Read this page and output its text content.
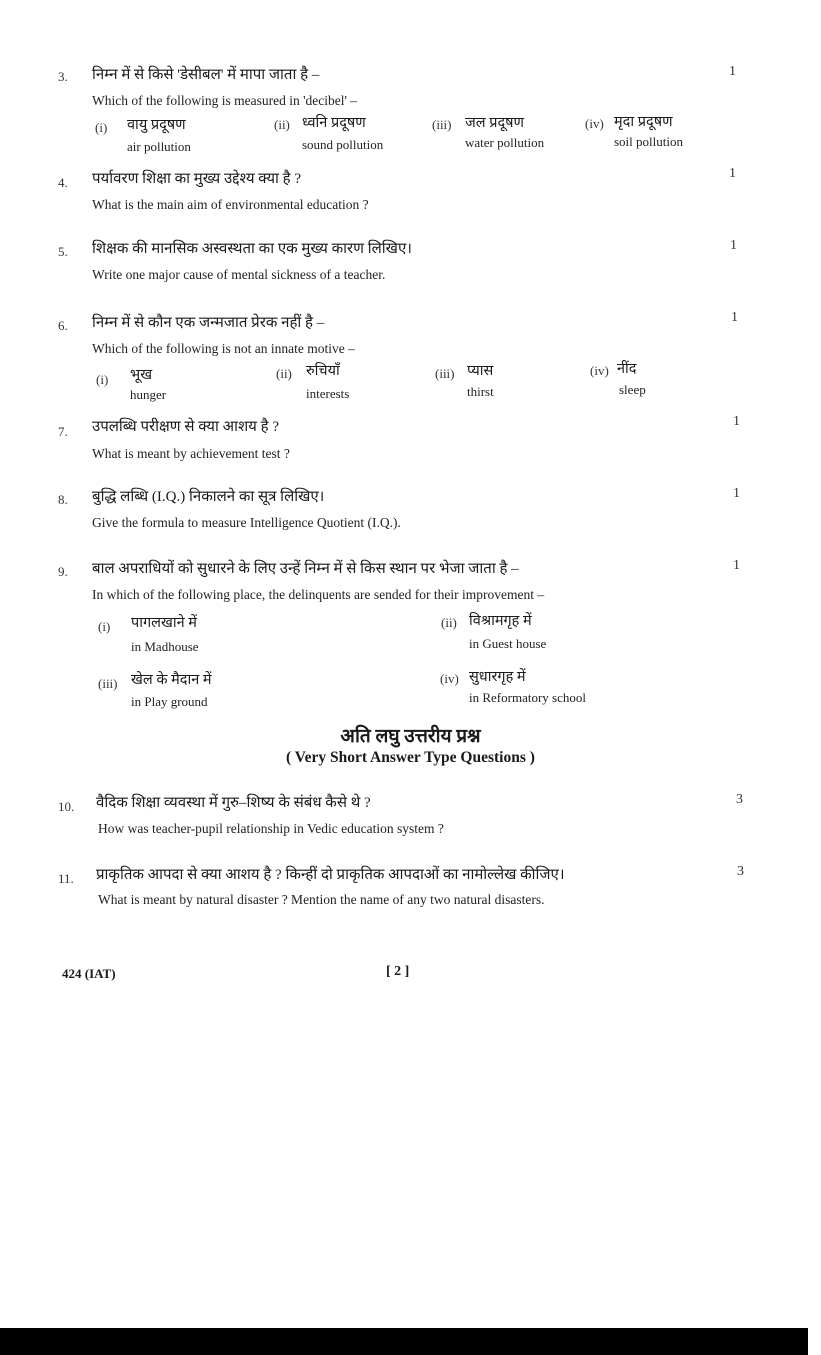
3. निम्न में से किसे 'डेसीबल' में मापा जाता है –	1
Which of the following is measured in 'decibel' –
(i) वायु प्रदूषण
air pollution
(ii) ध्वनि प्रदूषण
sound pollution
(iii) जल प्रदूषण
water pollution
(iv) मृदा प्रदूषण
soil pollution
4. पर्यावरण शिक्षा का मुख्य उद्देश्य क्या है ?	1
What is the main aim of environmental education ?
5. शिक्षक की मानसिक अस्वस्थता का एक मुख्य कारण लिखिए।	1
Write one major cause of mental sickness of a teacher.
6. निम्न में से कौन एक जन्मजात प्रेरक नहीं है –	1
Which of the following is not an innate motive –
(i) भूख
hunger
(ii) रुचियाँ
interests
(iii) प्यास
thirst
(iv) नींद
sleep
7. उपलब्धि परीक्षण से क्या आशय है ?	1
What is meant by achievement test ?
8. बुद्धि लब्धि (I.Q.) निकालने का सूत्र लिखिए।	1
Give the formula to measure Intelligence Quotient (I.Q.).
9. बाल अपराधियों को सुधारने के लिए उन्हें निम्न में से किस स्थान पर भेजा जाता है –	1
In which of the following place, the delinquents are sended for their improvement –
(i) पागलखाने में
in Madhouse
(ii) विश्रामगृह में
in Guest house
(iii) खेल के मैदान में
in Play ground
(iv) सुधारगृह में
in Reformatory school
अति लघु उत्तरीय प्रश्न
( Very Short Answer Type Questions )
10. वैदिक शिक्षा व्यवस्था में गुरु–शिष्य के संबंध कैसे थे ?	3
How was teacher-pupil relationship in Vedic education system ?
11. प्राकृतिक आपदा से क्या आशय है ? किन्हीं दो प्राकृतिक आपदाओं का नामोल्लेख कीजिए।	3
What is meant by natural disaster ? Mention the name of any two natural disasters.
424 (IAT)	[ 2 ]
